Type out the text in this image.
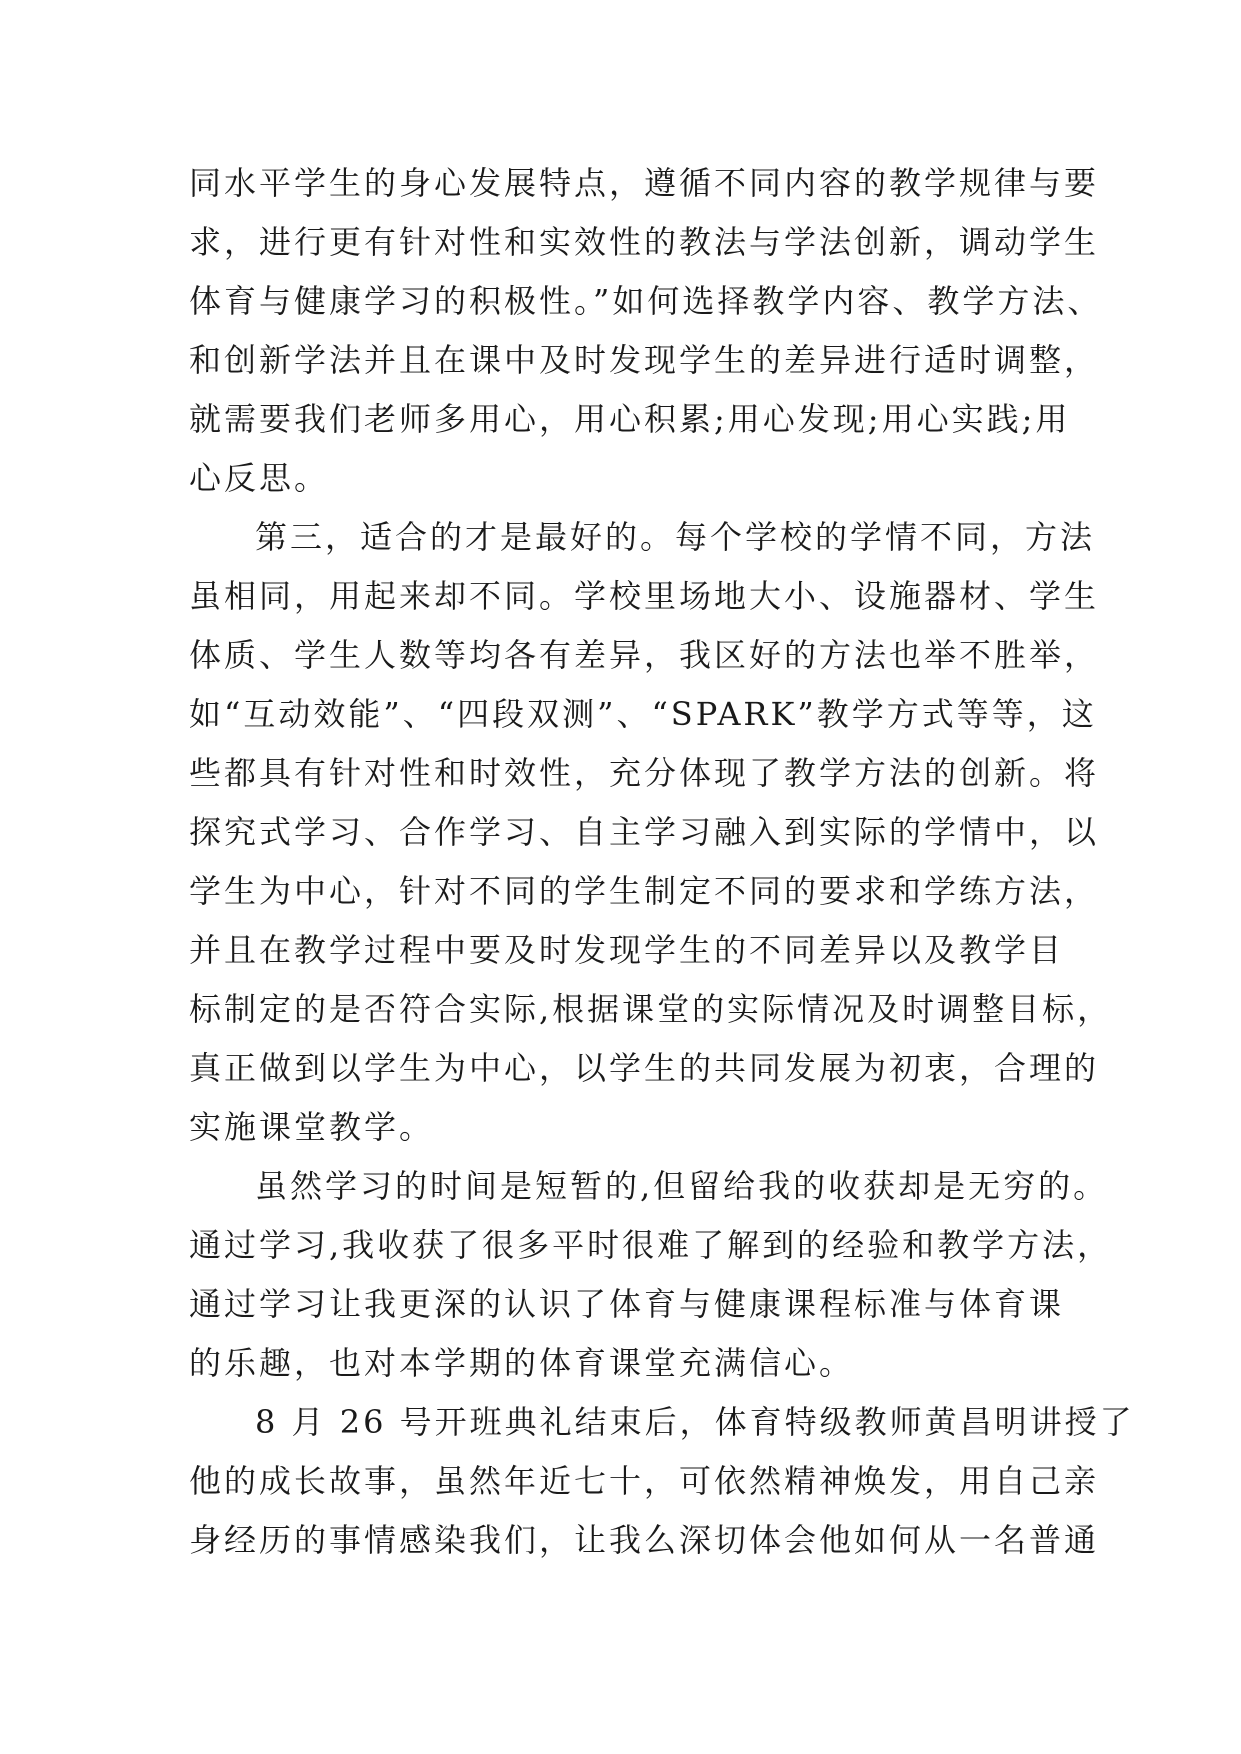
同水平学生的身心发展特点，遵循不同内容的教学规律与要
求，进行更有针对性和实效性的教法与学法创新，调动学生
体育与健康学习的积极性。”如何选择教学内容、教学方法、
和创新学法并且在课中及时发现学生的差异进行适时调整，
就需要我们老师多用心，用心积累;用心发现;用心实践;用
心反思。
第三，适合的才是最好的。每个学校的学情不同，方法
虽相同，用起来却不同。学校里场地大小、设施器材、学生
体质、学生人数等均各有差异，我区好的方法也举不胜举，
如“互动效能”、“四段双测”、“SPARK”教学方式等等，这
些都具有针对性和时效性，充分体现了教学方法的创新。将
探究式学习、合作学习、自主学习融入到实际的学情中，以
学生为中心，针对不同的学生制定不同的要求和学练方法，
并且在教学过程中要及时发现学生的不同差异以及教学目
标制定的是否符合实际,根据课堂的实际情况及时调整目标，
真正做到以学生为中心，以学生的共同发展为初衷，合理的
实施课堂教学。
虽然学习的时间是短暂的,但留给我的收获却是无穷的。
通过学习,我收获了很多平时很难了解到的经验和教学方法，
通过学习让我更深的认识了体育与健康课程标准与体育课
的乐趣，也对本学期的体育课堂充满信心。
8 月 26 号开班典礼结束后，体育特级教师黄昌明讲授了
他的成长故事，虽然年近七十，可依然精神焕发，用自己亲
身经历的事情感染我们，让我么深切体会他如何从一名普通
